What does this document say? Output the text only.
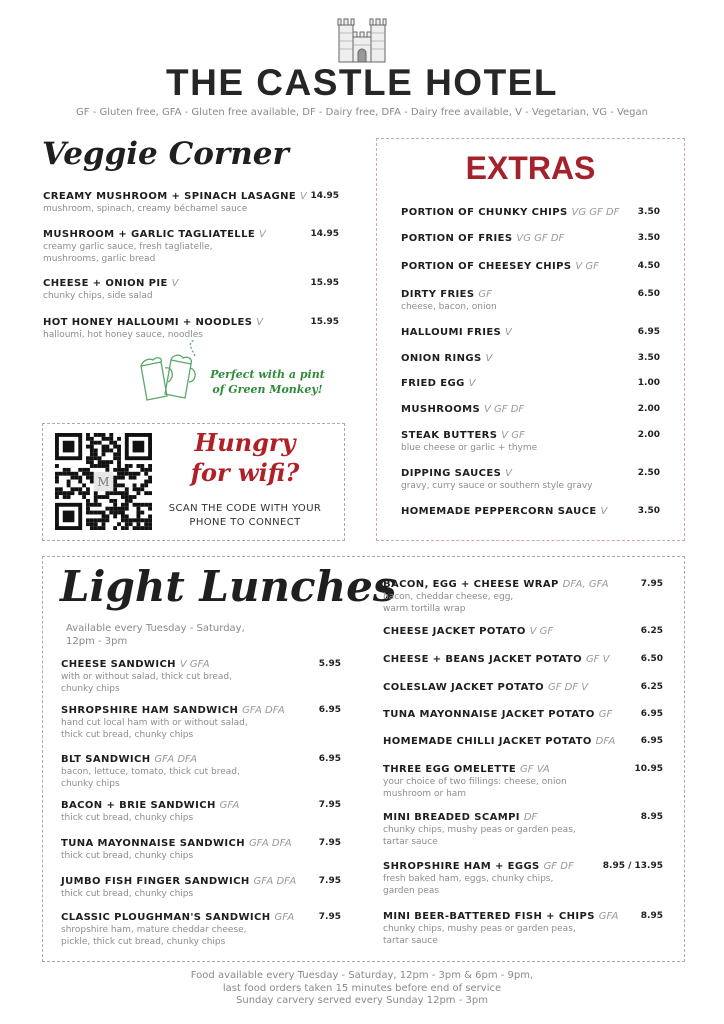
THE CASTLE HOTEL
GF - Gluten free, GFA - Gluten free available, DF - Dairy free, DFA - Dairy free available, V - Vegetarian, VG - Vegan
Veggie Corner
CREAMY MUSHROOM + SPINACH LASAGNE V 14.95
mushroom, spinach, creamy béchamel sauce
MUSHROOM + GARLIC TAGLIATELLE V	14.95
creamy garlic sauce, fresh tagliatelle,
mushrooms, garlic bread
CHEESE + ONION PIE V	15.95
chunky chips, side salad
HOT HONEY HALLOUMI + NOODLES V	15.95
halloumi, hot honey sauce, noodles
Perfect with a pint of Green Monkey!
EXTRAS
PORTION OF CHUNKY CHIPS VG GF DF	3.50
PORTION OF FRIES VG GF DF	3.50
PORTION OF CHEESEY CHIPS V GF	4.50
DIRTY FRIES GF	6.50
cheese, bacon, onion
HALLOUMI FRIES V	6.95
ONION RINGS V	3.50
FRIED EGG V	1.00
MUSHROOMS V GF DF	2.00
STEAK BUTTERS V GF	2.00
blue cheese or garlic + thyme
DIPPING SAUCES V	2.50
gravy, curry sauce or southern style gravy
HOMEMADE PEPPERCORN SAUCE V	3.50
M
Hungry for wifi?
SCAN THE CODE WITH YOUR PHONE TO CONNECT
Light Lunches
Available every Tuesday - Saturday,
12pm - 3pm
CHEESE SANDWICH V GFA	5.95
with or without salad, thick cut bread,
chunky chips
SHROPSHIRE HAM SANDWICH GFA DFA	6.95
hand cut local ham with or without salad,
thick cut bread, chunky chips
BLT SANDWICH GFA DFA	6.95
bacon, lettuce, tomato, thick cut bread,
chunky chips
BACON + BRIE SANDWICH GFA	7.95
thick cut bread, chunky chips
TUNA MAYONNAISE SANDWICH GFA DFA	7.95
thick cut bread, chunky chips
JUMBO FISH FINGER SANDWICH GFA DFA	7.95
thick cut bread, chunky chips
CLASSIC PLOUGHMAN'S SANDWICH GFA	7.95
shropshire ham, mature cheddar cheese,
pickle, thick cut bread, chunky chips
BACON, EGG + CHEESE WRAP DFA, GFA	7.95
bacon, cheddar cheese, egg,
warm tortilla wrap
CHEESE JACKET POTATO V GF	6.25
CHEESE + BEANS JACKET POTATO GF V	6.50
COLESLAW JACKET POTATO GF DF V	6.25
TUNA MAYONNAISE JACKET POTATO GF	6.95
HOMEMADE CHILLI JACKET POTATO DFA	6.95
THREE EGG OMELETTE GF VA	10.95
your choice of two fillings: cheese, onion
mushroom or ham
MINI BREADED SCAMPI DF	8.95
chunky chips, mushy peas or garden peas,
tartar sauce
SHROPSHIRE HAM + EGGS GF DF	8.95 / 13.95
fresh baked ham, eggs, chunky chips,
garden peas
MINI BEER-BATTERED FISH + CHIPS GFA	8.95
chunky chips, mushy peas or garden peas,
tartar sauce
Food available every Tuesday - Saturday, 12pm - 3pm & 6pm - 9pm,
last food orders taken 15 minutes before end of service
Sunday carvery served every Sunday 12pm - 3pm
